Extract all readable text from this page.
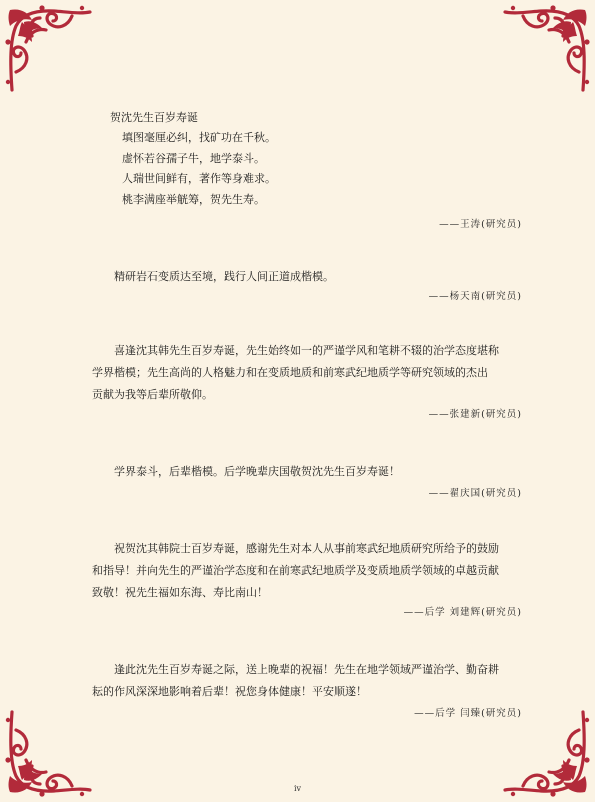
贺沈先生百岁寿诞
填图毫厘必纠，找矿功在千秋。
虚怀若谷孺子牛，地学泰斗。
人瑞世间鲜有，著作等身难求。
桃李满座举觥筹，贺先生寿。
——王涛(研究员)

精研岩石变质达至境，践行人间正道成楷模。

——杨天南(研究员)

喜逢沈其韩先生百岁寿诞，先生始终如一的严谨学风和笔耕不辍的治学态度堪称

学界楷模；先生高尚的人格魅力和在变质地质和前寒武纪地质学等研究领域的杰出

贡献为我等后辈所敬仰。

——张建新(研究员)

学界泰斗，后辈楷模。后学晚辈庆国敬贺沈先生百岁寿诞！

——翟庆国(研究员)

祝贺沈其韩院士百岁寿诞，感谢先生对本人从事前寒武纪地质研究所给予的鼓励

和指导！并向先生的严谨治学态度和在前寒武纪地质学及变质地质学领域的卓越贡献

致敬！祝先生福如东海、寿比南山！

——后学 刘建辉(研究员)

逢此沈先生百岁寿诞之际，送上晚辈的祝福！先生在地学领域严谨治学、勤奋耕

耘的作风深深地影响着后辈！祝您身体健康！平安顺遂！

——后学 闫臻(研究员)
iv
